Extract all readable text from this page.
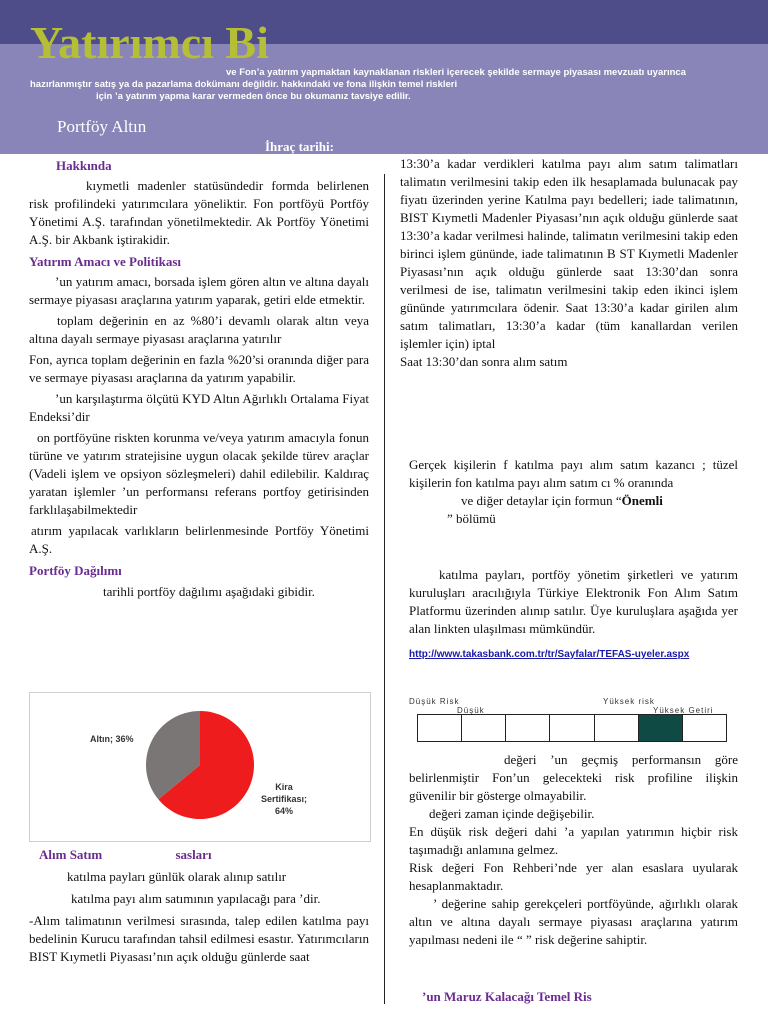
Yatırımcı Bi
ve Fon’a yatırım yapmaktan kaynaklanan riskleri içerecek şekilde sermaye piyasası mevzuatı uyarınca
hazırlanmıştır satış ya da pazarlama dokümanı değildir. hakkındaki ve fona ilişkin temel riskleri
için ’a yatırım yapma karar vermeden önce bu okumanız tavsiye edilir.
Portföy Altın
İhraç tarihi:
Hakkında

kıymetli madenler statüsündedir formda belirlenen risk profilindeki yatırımcılara yöneliktir. Fon portföyü Portföy Yönetimi A.Ş. tarafından yönetilmektedir. Ak Portföy Yönetimi A.Ş. bir Akbank iştirakidir.

Yatırım Amacı ve Politikası

’un yatırım amacı, borsada işlem gören altın ve altına dayalı sermaye piyasası araçlarına yatırım yaparak, getiri elde etmektir.

toplam değerinin en az %80’i devamlı olarak altın veya altına dayalı sermaye piyasası araçlarına yatırılır

Fon, ayrıca toplam değerinin en fazla %20’si oranında diğer para ve sermaye piyasası araçlarına da yatırım yapabilir.

’un karşılaştırma ölçütü KYD Altın Ağırlıklı Ortalama Fiyat Endeksi’dir

on portföyüne riskten korunma ve/veya yatırım amacıyla fonun türüne ve yatırım stratejisine uygun olacak şekilde türev araçlar (Vadeli işlem ve opsiyon sözleşmeleri) dahil edilebilir. Kaldıraç yaratan işlemler ’un performansı referans portfoy getirisinden farklılaşabilmektedir

atırım yapılacak varlıkların belirlenmesinde Portföy Yönetimi A.Ş.

Portföy Dağılımı

tarihli portföy dağılımı aşağıdaki gibidir.

Altın; 36%
Kira Sertifikası; 64%
Alım Satım	sasları

katılma payları günlük olarak alınıp satılır

katılma payı alım satımının yapılacağı para ’dir.

-Alım talimatının verilmesi sırasında, talep edilen katılma payı bedelinin Kurucu tarafından tahsil edilmesi esastır. Yatırımcıların BIST Kıymetli Piyasası’nın açık olduğu günlerde saat

13:30’a kadar verdikleri katılma payı alım satım talimatları talimatın verilmesini takip eden ilk hesaplamada bulunacak pay fiyatı üzerinden yerine Katılma payı bedelleri; iade talimatının, BIST Kıymetli Madenler Piyasası’nın açık olduğu günlerde saat 13:30’a kadar verilmesi halinde, talimatın verilmesini takip eden birinci işlem gününde, iade talimatının B ST Kıymetli Madenler Piyasası’nın açık olduğu günlerde saat 13:30’dan sonra verilmesi de ise, talimatın verilmesini takip eden ikinci işlem gününde yatırımcılara ödenir. Saat 13:30’a kadar girilen alım satım talimatları, 13:30’a kadar (tüm kanallardan verilen işlemler için) iptal

Saat 13:30’dan sonra alım satım

Gerçek kişilerin f katılma payı alım satım kazancı ; tüzel kişilerin fon katılma payı alım satım cı % oranında

ve diğer detaylar için formun “Önemli

” bölümü

katılma payları, portföy yönetim şirketleri ve yatırım kuruluşları aracılığıyla Türkiye Elektronik Fon Alım Satım Platformu üzerinden alınıp satılır. Üye kuruluşlara aşağıda yer alan linkten ulaşılması mümkündür.

http://www.takasbank.com.tr/tr/Sayfalar/TEFAS-uyeler.aspx

Düşük Risk
Düşük
Yüksek risk
Yüksek Getiri

değeri ’un geçmiş performansın göre belirlenmiştir Fon’un gelecekteki risk profiline ilişkin güvenilir bir gösterge olmayabilir.

değeri zaman içinde değişebilir.

En düşük risk değeri dahi ’a yapılan yatırımın hiçbir risk taşımadığı anlamına gelmez.

Risk değeri Fon Rehberi’nde yer alan esaslara uyularak hesaplanmaktadır.

’ değerine sahip gerekçeleri portföyünde, ağırlıklı olarak altın ve altına dayalı sermaye piyasası araçlarına yatırım yapılması nedeni ile “ ” risk değerine sahiptir.

’un Maruz Kalacağı Temel Ris
